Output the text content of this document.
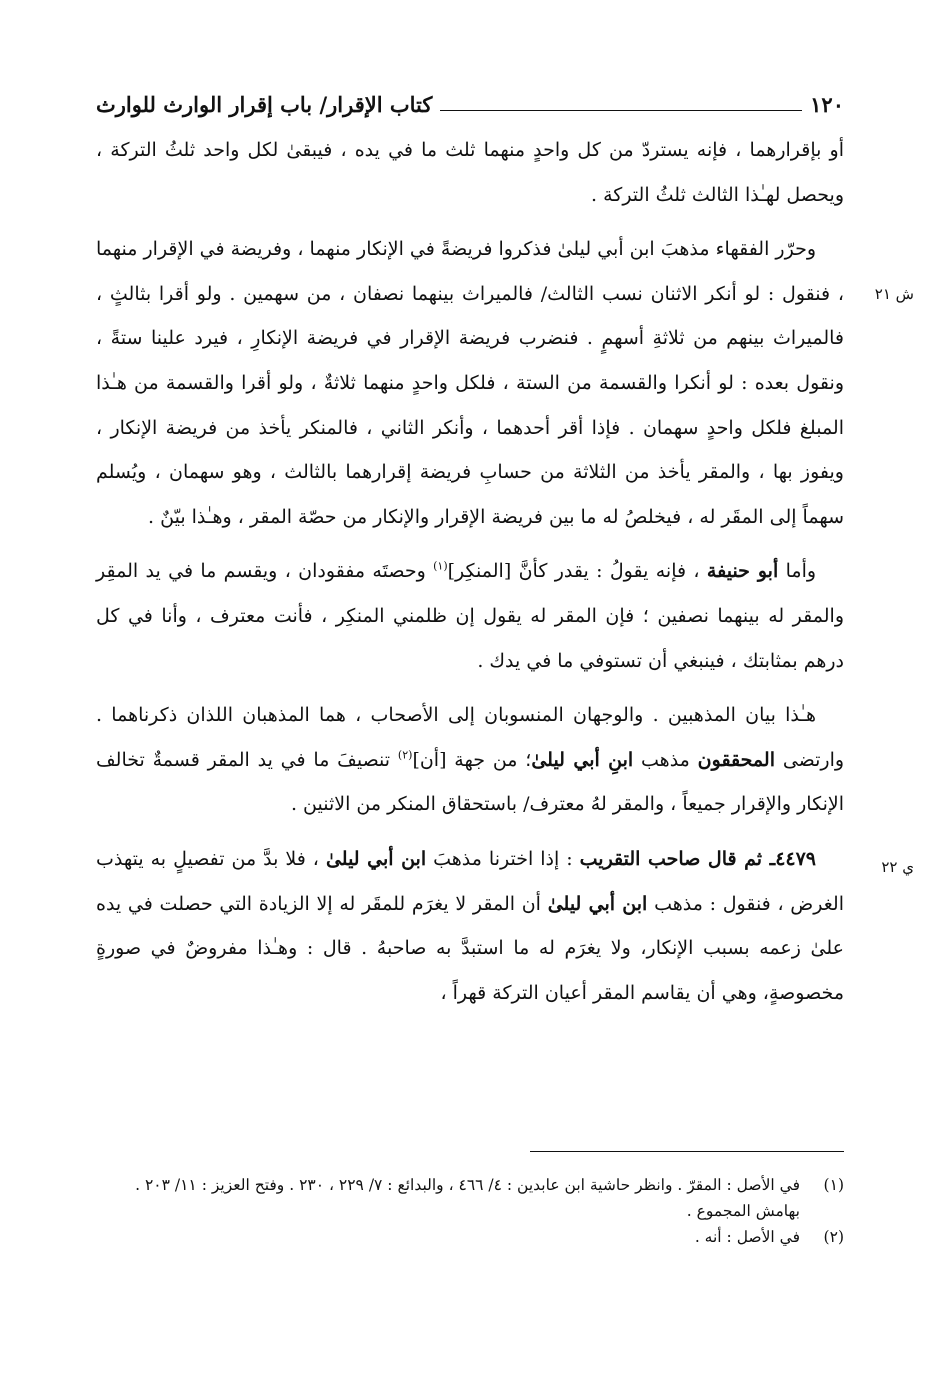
١٢٠
كتاب الإقرار/ باب إقرار الوارث للوارث
ش ٢١
ي ٢٢

أو بإقرارهما ، فإنه يستردّ من كل واحدٍ منهما ثلث ما في يده ، فيبقىٰ لكل واحد ثلثُ التركة ، ويحصل لهـٰذا الثالث ثلثُ التركة .

وحرّر الفقهاء مذهبَ ابن أبي ليلىٰ فذكروا فريضةً في الإنكار منهما ، وفريضة في الإقرار منهما ، فنقول : لو أنكر الاثنان نسب الثالث/ فالميراث بينهما نصفان ، من سهمين . ولو أقرا بثالثٍ ، فالميراث بينهم من ثلاثةِ أسهمٍ . فنضرب فريضة الإقرار في فريضة الإنكارِ ، فيرد علينا ستةً ، ونقول بعده : لو أنكرا والقسمة من الستة ، فلكل واحدٍ منهما ثلاثةٌ ، ولو أقرا والقسمة من هـٰذا المبلغ فلكل واحدٍ سهمان . فإذا أقر أحدهما ، وأنكر الثاني ، فالمنكر يأخذ من فريضة الإنكار ، ويفوز بها ، والمقر يأخذ من الثلاثة من حسابِ فريضة إقرارهما بالثالث ، وهو سهمان ، ويُسلم سهماً إلى المقَر له ، فيخلصُ له ما بين فريضة الإقرار والإنكار من حصّة المقر ، وهـٰذا بيّنٌ .

وأما أبو حنيفة ، فإنه يقولُ : يقدر كأنَّ [المنكِر]$^{(١)}$ وحصتَه مفقودان ، ويقسم ما في يد المقِر والمقر له بينهما نصفين ؛ فإن المقر له يقول إن ظلمني المنكِر ، فأنت معترف ، وأنا في كل درهم بمثابتك ، فينبغي أن تستوفي ما في يدك .

هـٰذا بيان المذهبين . والوجهان المنسوبان إلى الأصحاب ، هما المذهبان اللذان ذكرناهما . وارتضى المحققون مذهب ابنِ أبي ليلىٰ؛ من جهة [أن]$^{(٢)}$ تنصيفَ ما في يد المقر قسمةٌ تخالف الإنكار والإقرار جميعاً ، والمقر لهُ معترف/ باستحقاق المنكر من الاثنين .

٤٤٧٩ـ ثم قال صاحب التقريب : إذا اخترنا مذهبَ ابن أبي ليلىٰ ، فلا بدَّ من تفصيلٍ به يتهذب الغرض ، فنقول : مذهب ابن أبي ليلىٰ أن المقر لا يغرَم للمقَر له إلا الزيادة التي حصلت في يده علىٰ زعمه بسبب الإنكار، ولا يغرَم له ما استبدَّ به صاحبهُ . قال : وهـٰذا مفروضٌ في صورةٍ مخصوصةٍ، وهي أن يقاسم المقر أعيان التركة قهراً ،

(١)
في الأصل : المقرّ . وانظر حاشية ابن عابدين : ٤/ ٤٦٦ ، والبدائع : ٧/ ٢٢٩ ، ٢٣٠ . وفتح العزيز : ١١/ ٢٠٣ . بهامش المجموع .
(٢)
في الأصل : أنه .
